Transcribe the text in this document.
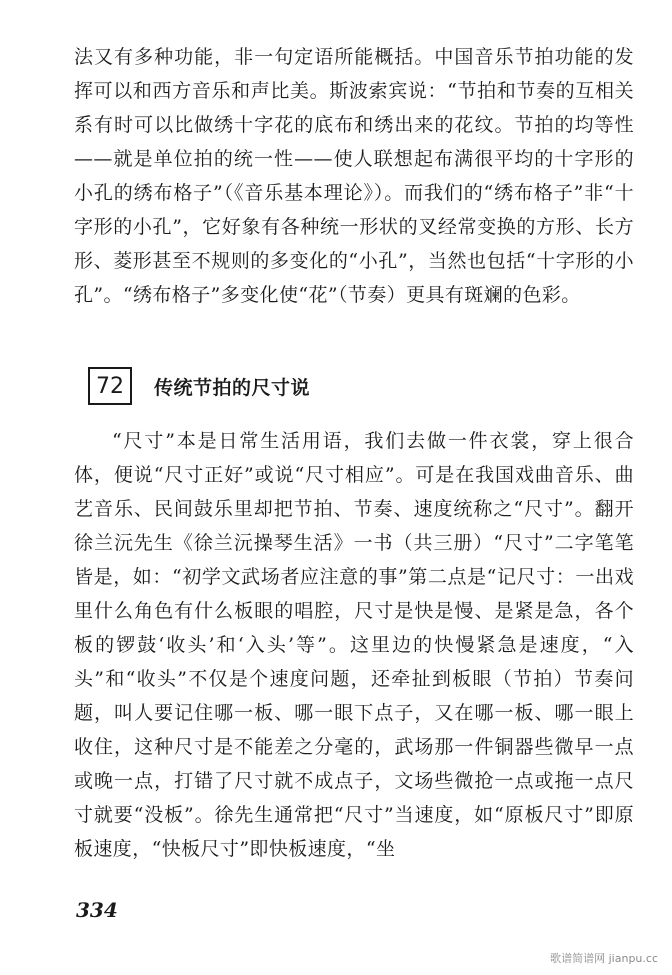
法又有多种功能，非一句定语所能概括。中国音乐节拍功能的发挥可以和西方音乐和声比美。斯波索宾说：“节拍和节奏的互相关系有时可以比做绣十字花的底布和绣出来的花纹。节拍的均等性——就是单位拍的统一性——使人联想起布满很平均的十字形的小孔的绣布格子”（《音乐基本理论》）。而我们的“绣布格子”非“十字形的小孔”，它好象有各种统一形状的叉经常变换的方形、长方形、菱形甚至不规则的多变化的“小孔”，当然也包括“十字形的小孔”。“绣布格子”多变化使“花”（节奏）更具有斑斓的色彩。

72	传统节拍的尺寸说

“尺寸”本是日常生活用语，我们去做一件衣裳，穿上很合体，便说“尺寸正好”或说“尺寸相应”。可是在我国戏曲音乐、曲艺音乐、民间鼓乐里却把节拍、节奏、速度统称之“尺寸”。翻开徐兰沅先生《徐兰沅操琴生活》一书（共三册）“尺寸”二字笔笔皆是，如：“初学文武场者应注意的事”第二点是“记尺寸：一出戏里什么角色有什么板眼的唱腔，尺寸是快是慢、是紧是急，各个板的锣鼓‘收头’和‘入头’等”。这里边的快慢紧急是速度，“入头”和“收头”不仅是个速度问题，还牵扯到板眼（节拍）节奏问题，叫人要记住哪一板、哪一眼下点子，又在哪一板、哪一眼上收住，这种尺寸是不能差之分毫的，武场那一件铜器些微早一点或晚一点，打错了尺寸就不成点子，文场些微抢一点或拖一点尺寸就要“没板”。徐先生通常把“尺寸”当速度，如“原板尺寸”即原板速度，“快板尺寸”即快板速度，“坐

334
歌谱简谱网 jianpu.cc
